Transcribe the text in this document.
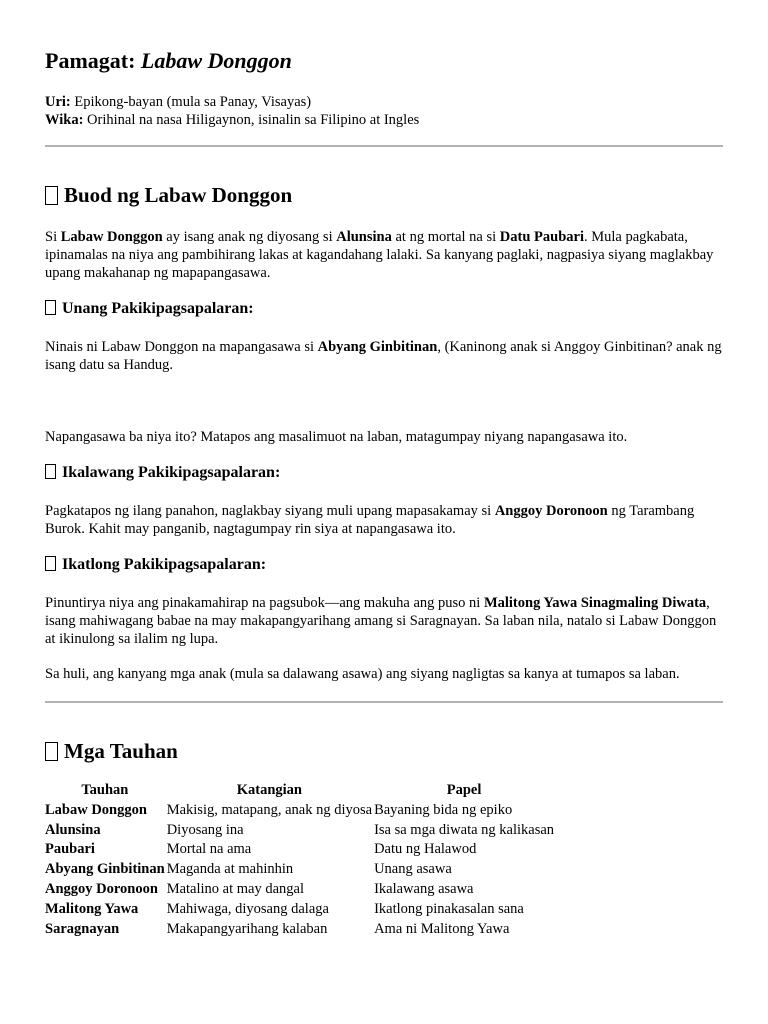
Pamagat: Labaw Donggon

Uri: Epikong-bayan (mula sa Panay, Visayas)

Wika: Orihinal na nasa Hiligaynon, isinalin sa Filipino at Ingles

Buod ng Labaw Donggon

Si Labaw Donggon ay isang anak ng diyosang si Alunsina at ng mortal na si Datu Paubari. Mula pagkabata, ipinamalas na niya ang pambihirang lakas at kagandahang lalaki. Sa kanyang paglaki, nagpasiya siyang maglakbay upang makahanap ng mapapangasawa.

Unang Pakikipagsapalaran:

Ninais ni Labaw Donggon na mapangasawa si Abyang Ginbitinan, (Kaninong anak si Anggoy Ginbitinan? anak ng isang datu sa Handug.

Napangasawa ba niya ito? Matapos ang masalimuot na laban, matagumpay niyang napangasawa ito.

Ikalawang Pakikipagsapalaran:

Pagkatapos ng ilang panahon, naglakbay siyang muli upang mapasakamay si Anggoy Doronoon ng Tarambang Burok. Kahit may panganib, nagtagumpay rin siya at napangasawa ito.

Ikatlong Pakikipagsapalaran:

Pinuntirya niya ang pinakamahirap na pagsubok—ang makuha ang puso ni Malitong Yawa Sinagmaling Diwata, isang mahiwagang babae na may makapangyarihang amang si Saragnayan. Sa laban nila, natalo si Labaw Donggon at ikinulong sa ilalim ng lupa.

Sa huli, ang kanyang mga anak (mula sa dalawang asawa) ang siyang nagligtas sa kanya at tumapos sa laban.

Mga Tauhan
Tauhan	Katangian	Papel
Labaw Donggon	Makisig, matapang, anak ng diyosa	Bayaning bida ng epiko
Alunsina	Diyosang ina	Isa sa mga diwata ng kalikasan
Paubari	Mortal na ama	Datu ng Halawod
Abyang Ginbitinan	Maganda at mahinhin	Unang asawa
Anggoy Doronoon	Matalino at may dangal	Ikalawang asawa
Malitong Yawa	Mahiwaga, diyosang dalaga	Ikatlong pinakasalan sana
Saragnayan	Makapangyarihang kalaban	Ama ni Malitong Yawa
